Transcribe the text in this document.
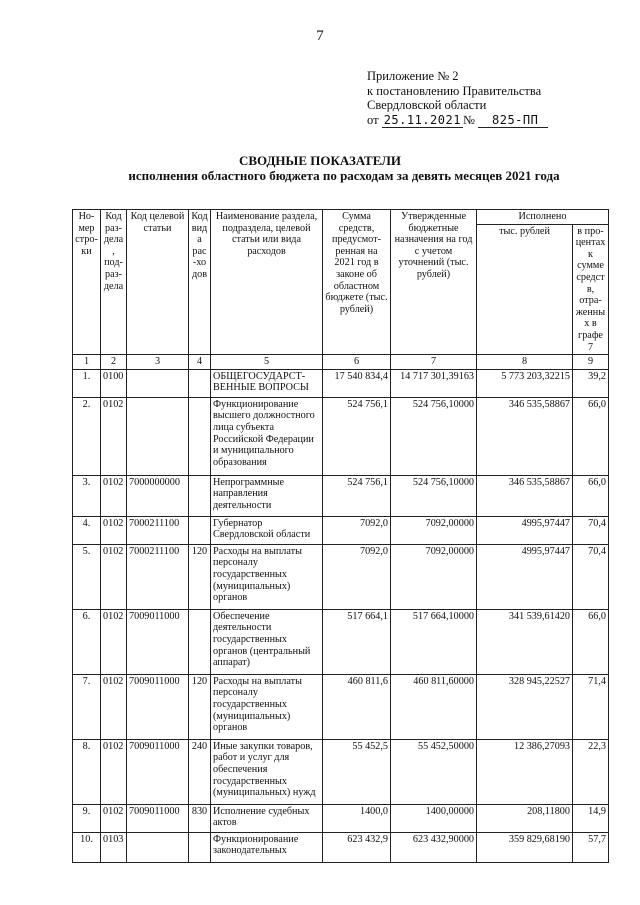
7
Приложение № 2
к постановлению Правительства
Свердловской области
от 25.11.2021 № 825-ПП
СВОДНЫЕ ПОКАЗАТЕЛИ
исполнения областного бюджета по расходам за девять месяцев 2021 года
Но-мер стро-ки	Код раз-дела, под-раз-дела	Код целевой статьи	Код вида рас-ходов	Наименование раздела, подраздела, целевой статьи или вида расходов	Сумма средств, предусмот-ренная на 2021 год в законе об областном бюджете (тыс. рублей)	Утвержденные бюджетные назначения на год с учетом уточнений (тыс. рублей)	Исполнено	
							тыс. рублей	в про-центах к сумме средств, отра-женных в графе 7
1	2	3	4	5	6	7	8	9
1.	0100			ОБЩЕГОСУДАРСТ-ВЕННЫЕ ВОПРОСЫ	17 540 834,4	14 717 301,39163	5 773 203,32215	39,2
2.	0102			Функционирование высшего должностного лица субъекта Российской Федерации и муниципального образования	524 756,1	524 756,10000	346 535,58867	66,0
3.	0102	7000000000		Непрограммные направления деятельности	524 756,1	524 756,10000	346 535,58867	66,0
4.	0102	7000211100		Губернатор Свердловской области	7092,0	7092,00000	4995,97447	70,4
5.	0102	7000211100	120	Расходы на выплаты персоналу государственных (муниципальных) органов	7092,0	7092,00000	4995,97447	70,4
6.	0102	7009011000		Обеспечение деятельности государственных органов (центральный аппарат)	517 664,1	517 664,10000	341 539,61420	66,0
7.	0102	7009011000	120	Расходы на выплаты персоналу государственных (муниципальных) органов	460 811,6	460 811,60000	328 945,22527	71,4
8.	0102	7009011000	240	Иные закупки товаров, работ и услуг для обеспечения государственных (муниципальных) нужд	55 452,5	55 452,50000	12 386,27093	22,3
9.	0102	7009011000	830	Исполнение судебных актов	1400,0	1400,00000	208,11800	14,9
10.	0103			Функционирование законодательных	623 432,9	623 432,90000	359 829,68190	57,7
